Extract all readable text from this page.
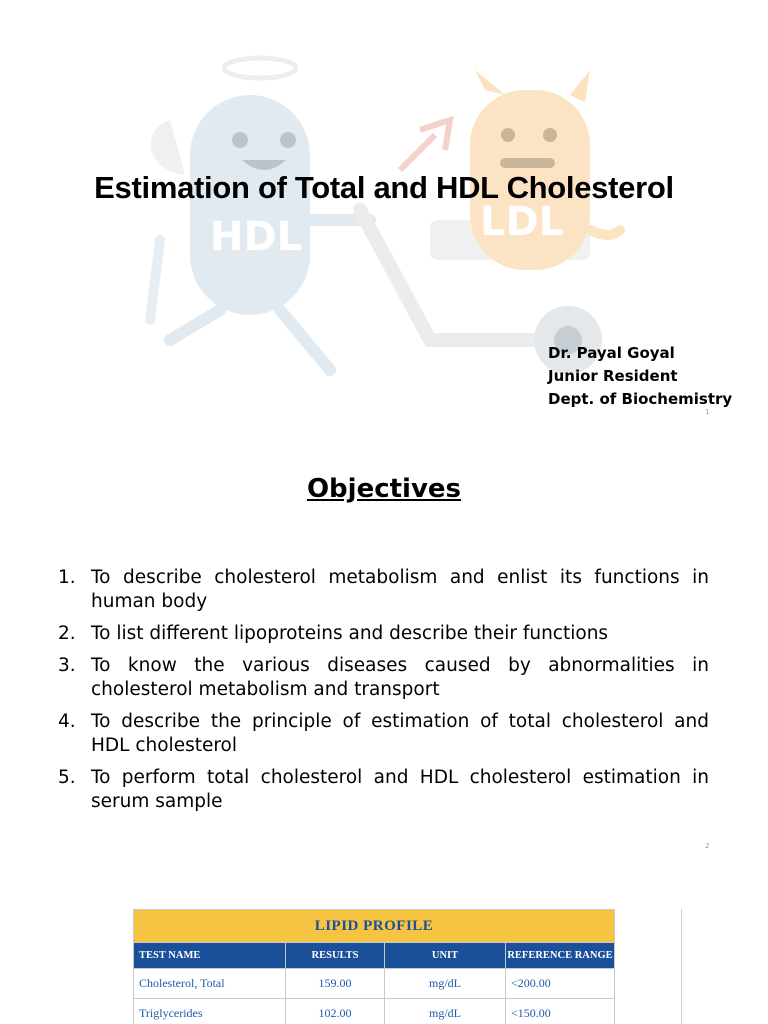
HDL	LDL
Estimation of Total and HDL Cholesterol
Dr. Payal Goyal
Junior Resident
Dept. of Biochemistry
1
Objectives
1. To describe cholesterol metabolism and enlist its functions in human body
2. To list different lipoproteins and describe their functions
3. To know the various diseases caused by abnormalities in cholesterol metabolism and transport
4. To describe the principle of estimation of total cholesterol and HDL cholesterol
5. To perform total cholesterol and HDL cholesterol estimation in serum sample
2
LIPID PROFILE			
TEST NAME	RESULTS	UNIT	REFERENCE RANGE
Cholesterol, Total	159.00	mg/dL	<200.00
Triglycerides	102.00	mg/dL	<150.00
